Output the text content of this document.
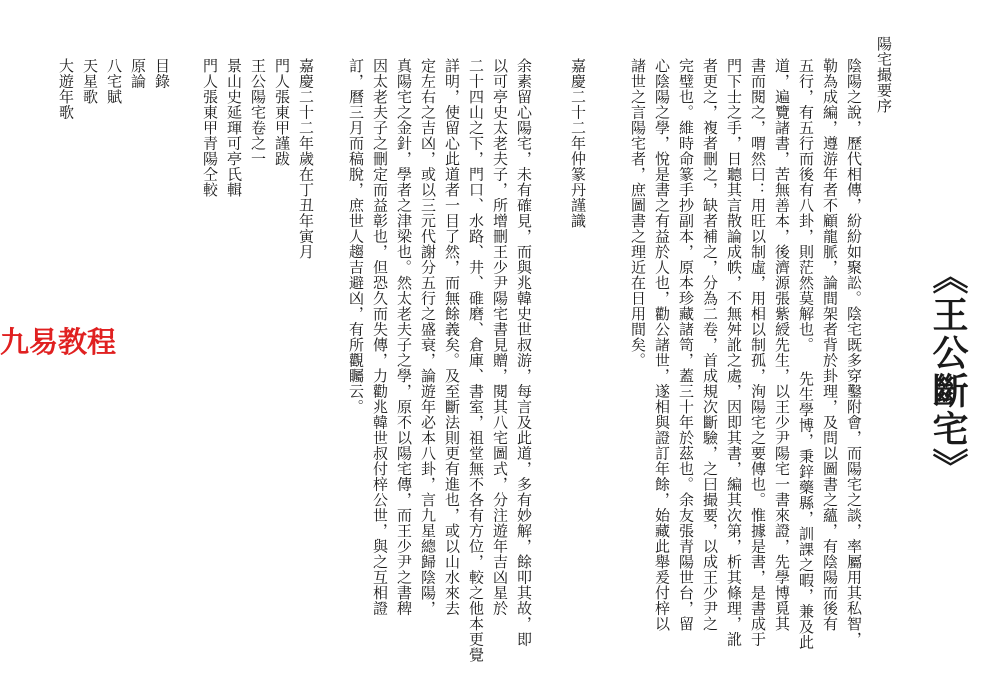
《王公斷宅》
陽宅撮要序
陰陽之說，歷代相傳，紛紛如聚訟。陰宅既多穿鑿附會，而陽宅之談，率屬用其私智，
勒為成編，遵游年者不顧龍脈，論間架者背於卦理，及問以圖書之蘊，有陰陽而後有
五行，有五行而後有八卦，則茫然莫解也。 先生學博，秉鋅藥縣，訓課之暇，兼及此
道，遍覽諸書，苦無善本，後濟源張紫綬先生，以王少尹陽宅一書來證，先學博覓其
書而閱之，喟然曰：用旺以制虛，用相以制孤，洵陽宅之要傳也。惟據是書，是書成于
門下士之手，日聽其言散論成帙，不無舛訛之處，因即其書，編其次第，析其條理，訛
者更之，複者刪之，缺者補之，分為二卷，首成規次斷驗，之曰撮要，以成王少尹之
完璧也。維時命篆手抄副本，原本珍藏諸笥，蓋三十年於茲也。余友張青陽世台，留
心陰陽之學，悅是書之有益於人也，勸公諸世，遂相與證訂年餘，始藏此舉爰付梓以
諸世之言陽宅者，庶圖書之理近在日用間矣。
嘉慶二十二年仲篆丹謹識
余素留心陽宅，未有確見，而與兆韓史世叔游，每言及此道，多有妙解，餘叩其故，即
以可亭史太老夫子，所增刪王少尹陽宅書見贈，閱其八宅圖式，分注遊年吉凶星於
二十四山之下，門口、水路、井、碓磨、倉庫、書室，祖堂無不各有方位，較之他本更覺
詳明，使留心此道者一目了然，而無餘義矣。及至斷法則更有進也，或以山水來去
定左右之吉凶，或以三元代謝分五行之盛衰，論遊年必本八卦，言九星總歸陰陽，
真陽宅之金針，學者之津梁也。然太老夫子之學，原不以陽宅傳，而王少尹之書稗
因太老夫子之刪定而益彰也，但恐久而失傳，力勸兆韓世叔付梓公世，與之互相證
訂，曆三月而稿脫，庶世人趨吉避凶，有所觀矚云。
嘉慶二十二年歲在丁丑年寅月
門人張東甲謹跋
王公陽宅卷之一
景山史延琿可亭氏輯
門人張東甲青陽仝較
目錄
原論
八宅賦
天星歌
大遊年歌
九易教程
